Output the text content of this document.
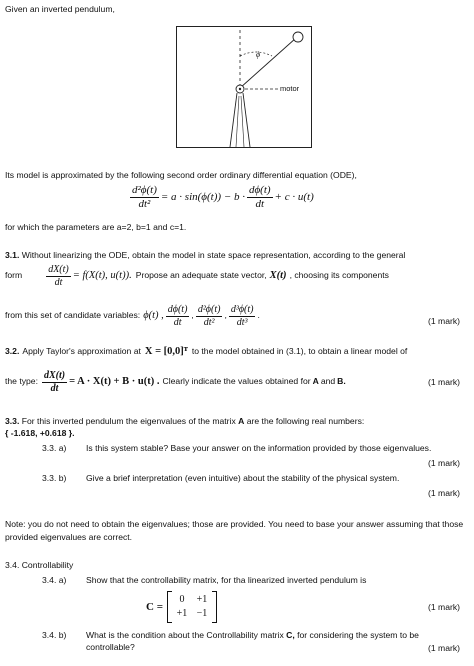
Given an inverted pendulum,
ϕ
motor
Its model is approximated by the following second order ordinary differential equation (ODE),
$\frac{\text{d²ϕ(t)}}{\text{dt²}} = a \cdot \sin(\phi(t)) - b \cdot \frac{d\phi(t)}{dt} + c \cdot u(t)$
for which the parameters are a=2, b=1 and c=1.
3.1. Without linearizing the ODE, obtain the model in state space representation, according to the general
form $\frac{dX(t)}{dt} = f(X(t)$, u(t)). Propose an adequate state vector, X(t) , choosing its components
from this set of candidate variables: ϕ(t) , $\frac{d\phi(t)}{dt}$ , $\frac{\text{d²ϕ(t)}}{\text{dt²}}$ , $\frac{\text{d³ϕ(t)}}{\text{dt³}}$ .
(1 mark)
3.2. Apply Taylor's approximation at X = [0,0]ᵀ to the model obtained in (3.1), to obtain a linear model of
the type: $\frac{dX(t)}{dt} = A \cdot X(t) + B \cdot u(t)$ . Clearly indicate the values obtained for A and B.	(1 mark)
3.3. For this inverted pendulum the eigenvalues of the matrix A are the following real numbers:
{ -1.618, +0.618 }.
3.3. a) Is this system stable? Base your answer on the information provided by those eigenvalues.
(1 mark)
3.3. b) Give a brief interpretation (even intuitive) about the stability of the physical system.
(1 mark)
Note: you do not need to obtain the eigenvalues; those are provided. You need to base your answer assuming that those provided eigenvalues are correct.
3.4. Controllability
3.4. a) Show that the controllability matrix, for tha linearized inverted pendulum is
C =
0	+1
+1 −1
(1 mark)
3.4. b) What is the condition about the Controllability matrix C, for considering the system to be controllable?	(1 mark)
